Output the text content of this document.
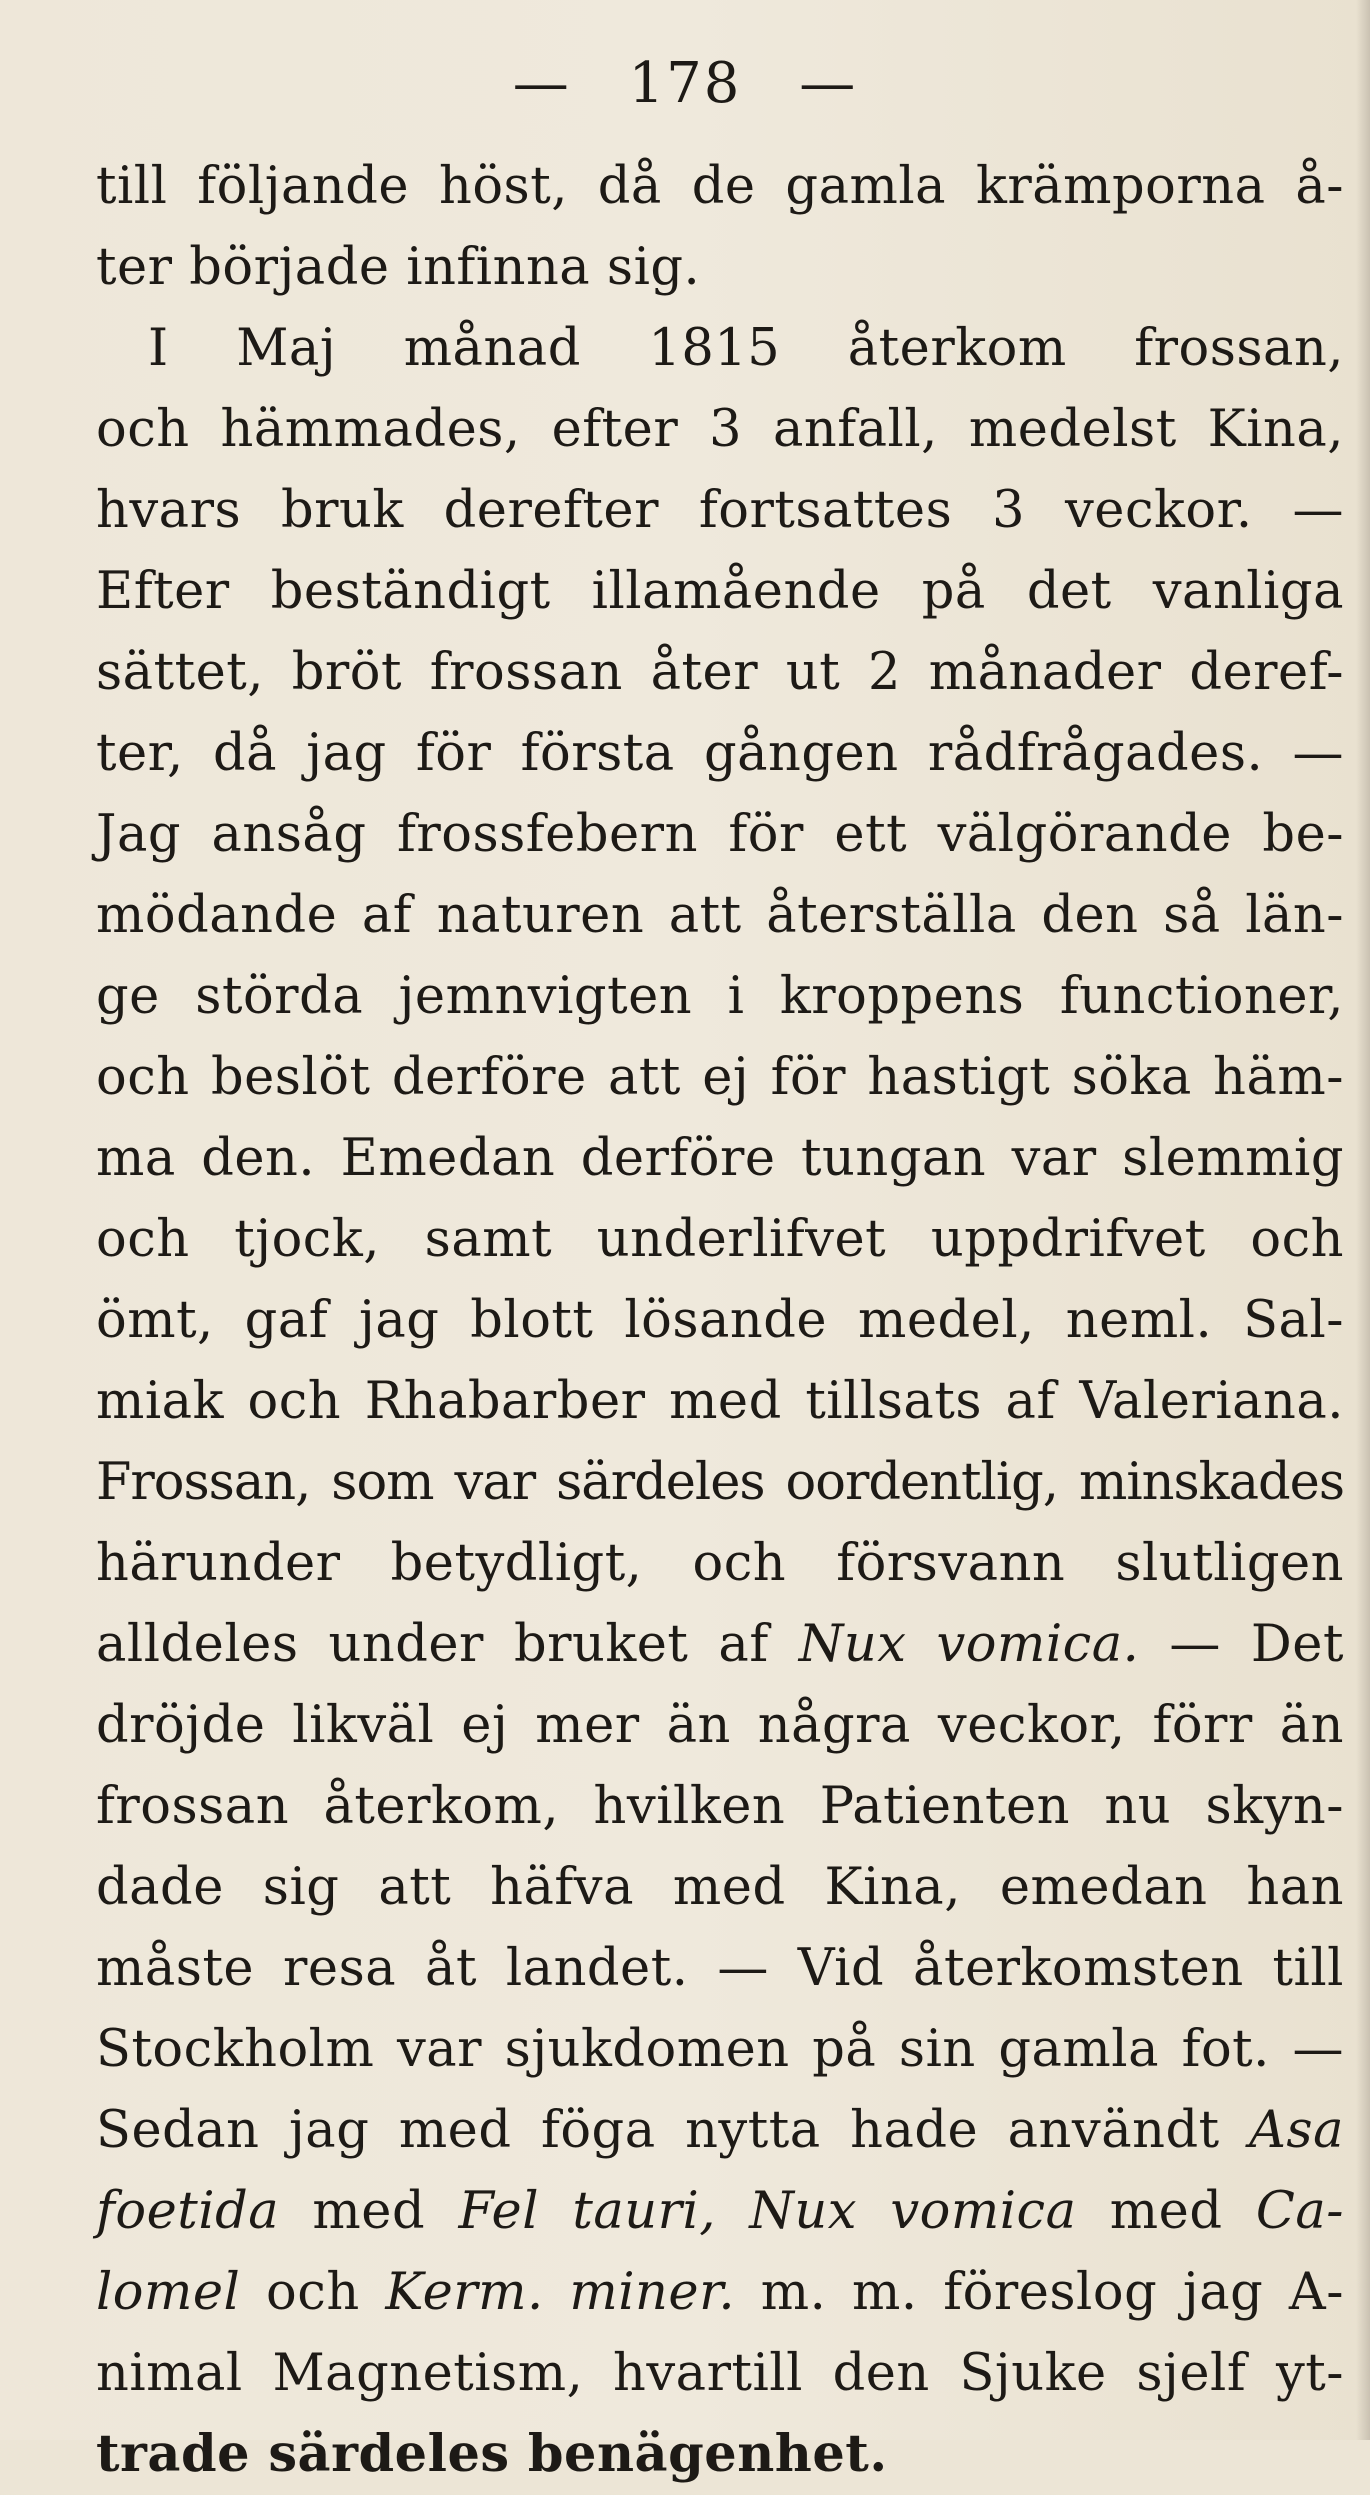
— 178 —
till följande höst, då de gamla krämporna å-
ter började infinna sig.
I Maj månad 1815 återkom frossan,
och hämmades, efter 3 anfall, medelst Kina,
hvars bruk derefter fortsattes 3 veckor. —
Efter beständigt illamående på det vanliga
sättet, bröt frossan åter ut 2 månader deref-
ter, då jag för första gången rådfrågades. —
Jag ansåg frossfebern för ett välgörande be-
mödande af naturen att återställa den så län-
ge störda jemnvigten i kroppens functioner,
och beslöt derföre att ej för hastigt söka häm-
ma den. Emedan derföre tungan var slemmig
och tjock, samt underlifvet uppdrifvet och
ömt, gaf jag blott lösande medel, neml. Sal-
miak och Rhabarber med tillsats af Valeriana.
Frossan, som var särdeles oordentlig, minskades
härunder betydligt, och försvann slutligen
alldeles under bruket af Nux vomica. — Det
dröjde likväl ej mer än några veckor, förr än
frossan återkom, hvilken Patienten nu skyn-
dade sig att häfva med Kina, emedan han
måste resa åt landet. — Vid återkomsten till
Stockholm var sjukdomen på sin gamla fot. —
Sedan jag med föga nytta hade användt Asa
foetida med Fel tauri, Nux vomica med Ca-
lomel och Kerm. miner. m. m. föreslog jag A-
nimal Magnetism, hvartill den Sjuke sjelf yt-
trade särdeles benägenhet.
